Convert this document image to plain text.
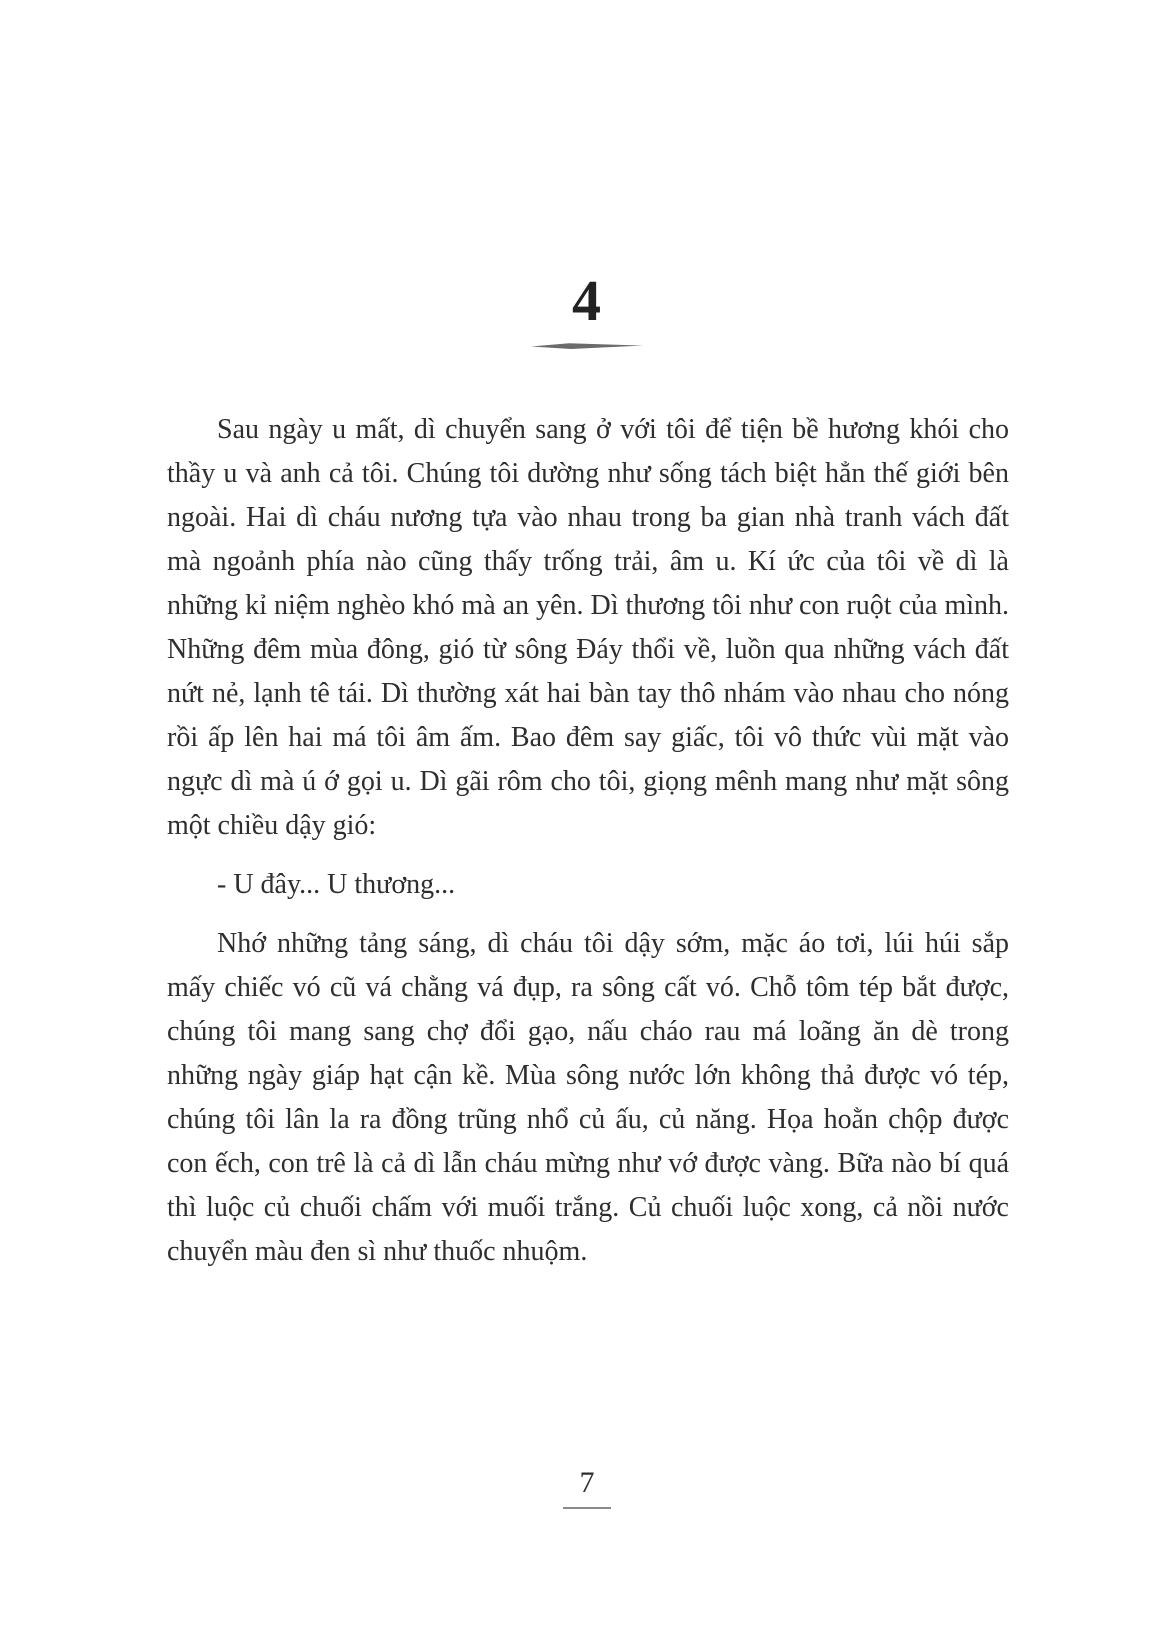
4

Sau ngày u mất, dì chuyển sang ở với tôi để tiện bề hương khói cho thầy u và anh cả tôi. Chúng tôi dường như sống tách biệt hẳn thế giới bên ngoài. Hai dì cháu nương tựa vào nhau trong ba gian nhà tranh vách đất mà ngoảnh phía nào cũng thấy trống trải, âm u. Kí ức của tôi về dì là những kỉ niệm nghèo khó mà an yên. Dì thương tôi như con ruột của mình. Những đêm mùa đông, gió từ sông Đáy thổi về, luồn qua những vách đất nứt nẻ, lạnh tê tái. Dì thường xát hai bàn tay thô nhám vào nhau cho nóng rồi ấp lên hai má tôi âm ấm. Bao đêm say giấc, tôi vô thức vùi mặt vào ngực dì mà ú ớ gọi u. Dì gãi rôm cho tôi, giọng mênh mang như mặt sông một chiều dậy gió:

- U đây... U thương...

Nhớ những tảng sáng, dì cháu tôi dậy sớm, mặc áo tơi, lúi húi sắp mấy chiếc vó cũ vá chằng vá đụp, ra sông cất vó. Chỗ tôm tép bắt được, chúng tôi mang sang chợ đổi gạo, nấu cháo rau má loãng ăn dè trong những ngày giáp hạt cận kề. Mùa sông nước lớn không thả được vó tép, chúng tôi lân la ra đồng trũng nhổ củ ấu, củ năng. Họa hoằn chộp được con ếch, con trê là cả dì lẫn cháu mừng như vớ được vàng. Bữa nào bí quá thì luộc củ chuối chấm với muối trắng. Củ chuối luộc xong, cả nồi nước chuyển màu đen sì như thuốc nhuộm.

7
